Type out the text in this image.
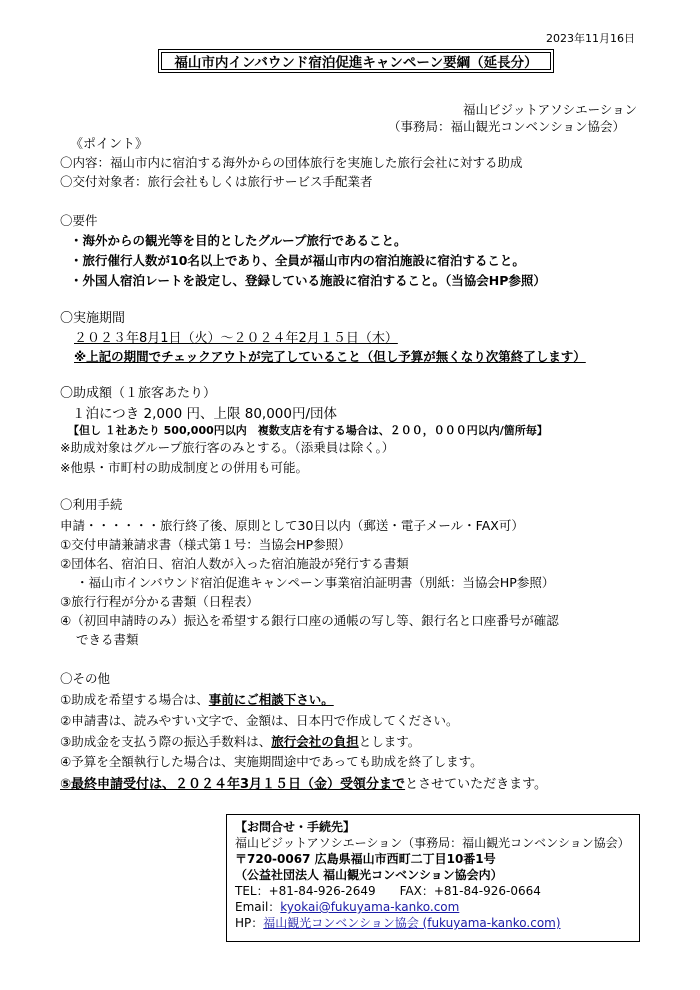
2023年11月16日
福山市内インバウンド宿泊促進キャンペーン要綱（延長分）
福山ビジットアソシエーション
（事務局：福山観光コンベンション協会）
《ポイント》
〇内容：福山市内に宿泊する海外からの団体旅行を実施した旅行会社に対する助成
〇交付対象者：旅行会社もしくは旅行サービス手配業者
〇要件
・海外からの観光等を目的としたグループ旅行であること。
・旅行催行人数が10名以上であり、全員が福山市内の宿泊施設に宿泊すること。
・外国人宿泊レートを設定し、登録している施設に宿泊すること。（当協会HP参照）
〇実施期間
２０２３年8月1日（火）～２０２４年2月１５日（木）
※上記の期間でチェックアウトが完了していること（但し予算が無くなり次第終了します）
〇助成額（１旅客あたり）
１泊につき 2,000 円、上限 80,000円/団体
【但し １社あたり 500,000円以内　複数支店を有する場合は、２００，０００円以内/箇所毎】
※助成対象はグループ旅行客のみとする。（添乗員は除く。）
※他県・市町村の助成制度との併用も可能。
〇利用手続
申請・・・・・・旅行終了後、原則として30日以内（郵送・電子メール・FAX可）
①交付申請兼請求書（様式第１号：当協会HP参照）
②団体名、宿泊日、宿泊人数が入った宿泊施設が発行する書類
・福山市インバウンド宿泊促進キャンペーン事業宿泊証明書（別紙：当協会HP参照）
③旅行行程が分かる書類（日程表）
④（初回申請時のみ）振込を希望する銀行口座の通帳の写し等、銀行名と口座番号が確認
できる書類
〇その他
①助成を希望する場合は、事前にご相談下さい。
②申請書は、読みやすい文字で、金額は、日本円で作成してください。
③助成金を支払う際の振込手数料は、旅行会社の負担とします。
④予算を全額執行した場合は、実施期間途中であっても助成を終了します。
⑤最終申請受付は、２０２４年3月１５日（金）受領分までとさせていただきます。
【お問合せ・手続先】
福山ビジットアソシエーション（事務局：福山観光コンベンション協会）
〒720-0067 広島県福山市西町二丁目10番1号
（公益社団法人 福山観光コンベンション協会内）
TEL：+81-84-926-2649　　FAX：+81-84-926-0664
Email：kyokai@fukuyama-kanko.com
HP：福山観光コンベンション協会 (fukuyama-kanko.com)
